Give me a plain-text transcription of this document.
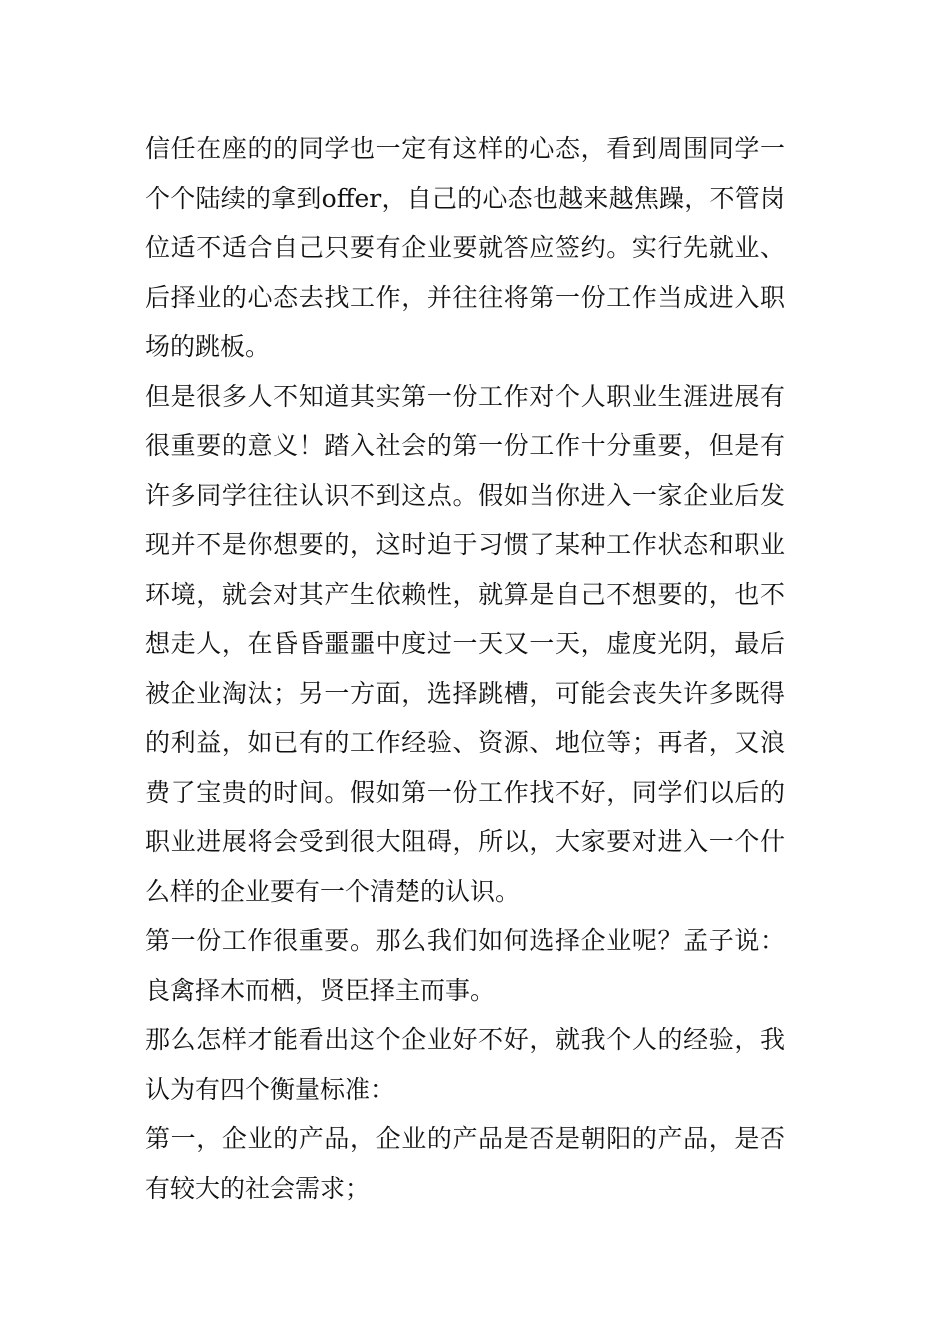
信任在座的的同学也一定有这样的心态，看到周围同学一个个陆续的拿到offer，自己的心态也越来越焦躁，不管岗位适不适合自己只要有企业要就答应签约。实行先就业、后择业的心态去找工作，并往往将第一份工作当成进入职场的跳板。

但是很多人不知道其实第一份工作对个人职业生涯进展有很重要的意义！踏入社会的第一份工作十分重要，但是有许多同学往往认识不到这点。假如当你进入一家企业后发现并不是你想要的，这时迫于习惯了某种工作状态和职业环境，就会对其产生依赖性，就算是自己不想要的，也不想走人，在昏昏噩噩中度过一天又一天，虚度光阴，最后被企业淘汰；另一方面，选择跳槽，可能会丧失许多既得的利益，如已有的工作经验、资源、地位等；再者，又浪费了宝贵的时间。假如第一份工作找不好，同学们以后的职业进展将会受到很大阻碍，所以，大家要对进入一个什么样的企业要有一个清楚的认识。

第一份工作很重要。那么我们如何选择企业呢？孟子说：良禽择木而栖，贤臣择主而事。

那么怎样才能看出这个企业好不好，就我个人的经验，我认为有四个衡量标准：

第一，企业的产品，企业的产品是否是朝阳的产品，是否有较大的社会需求；
